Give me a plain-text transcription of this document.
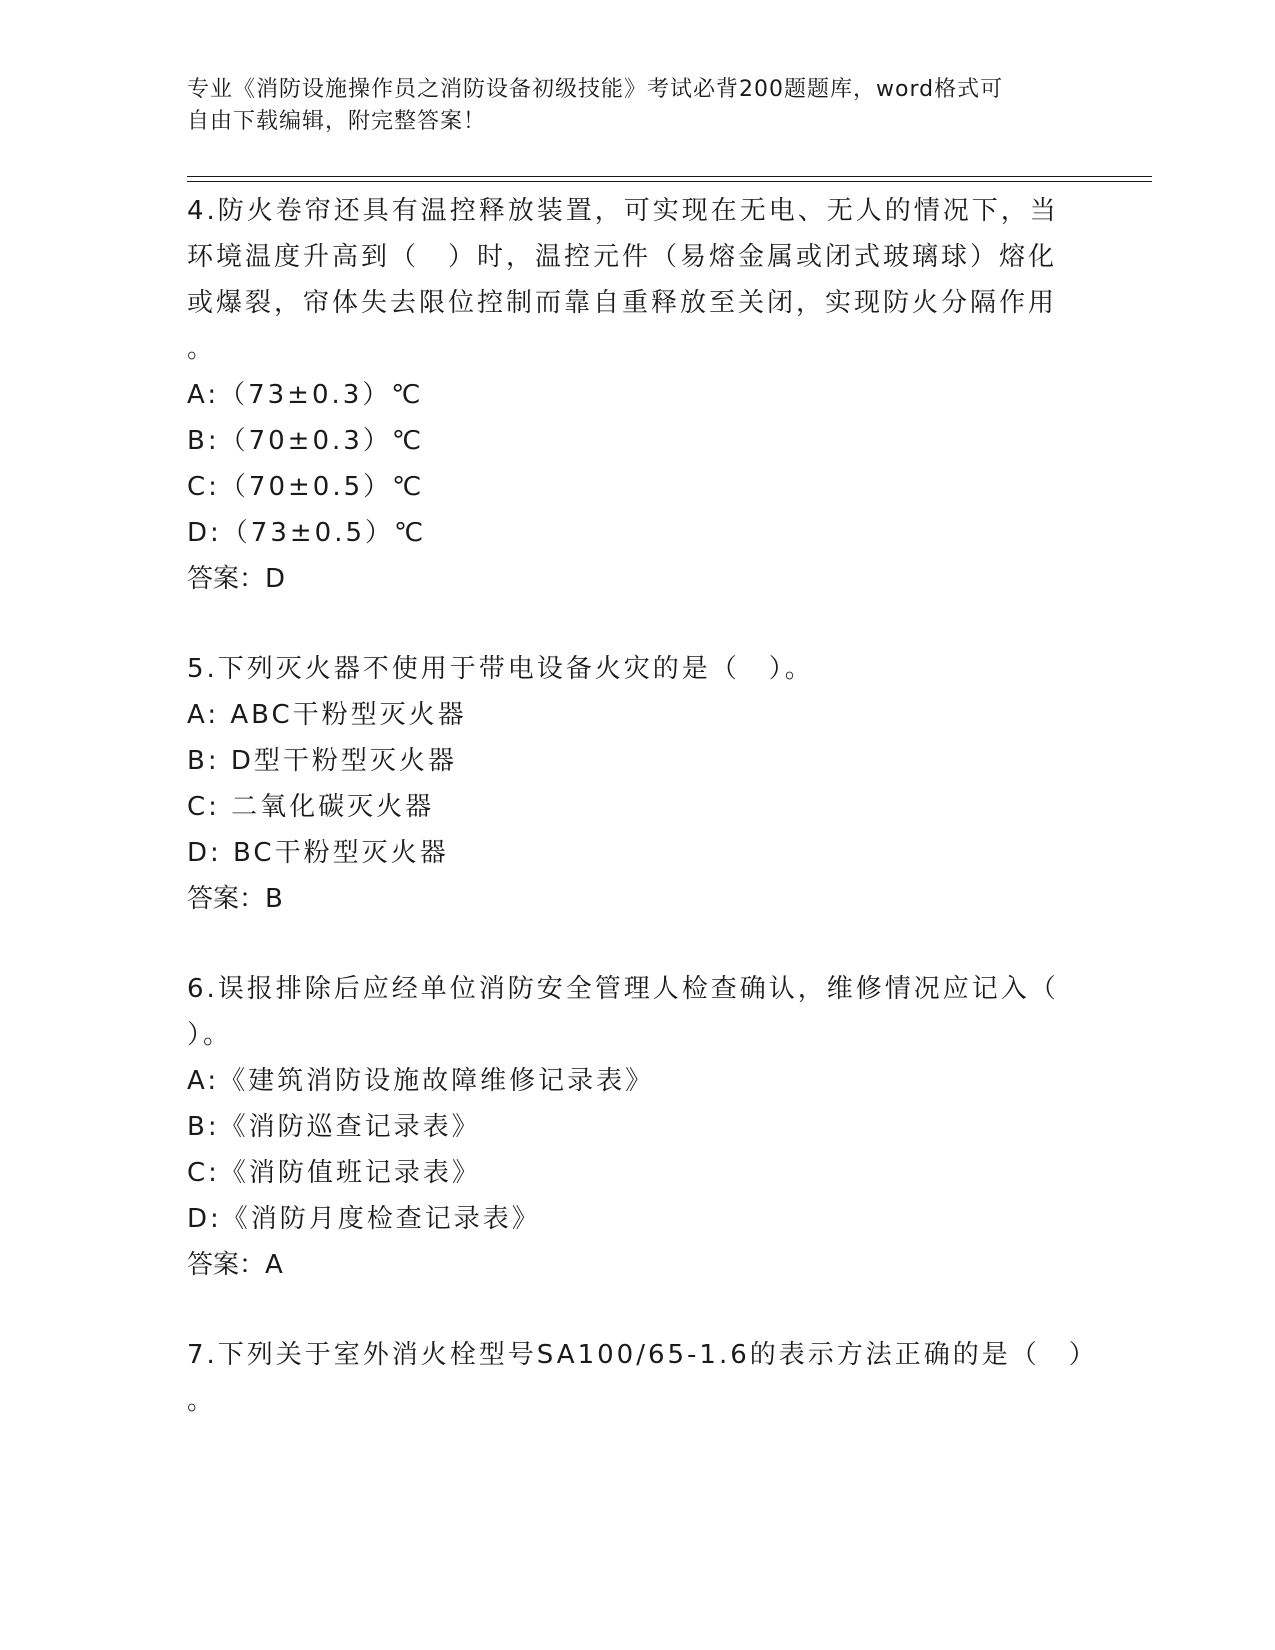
专业《消防设施操作员之消防设备初级技能》考试必背200题题库，word格式可
自由下载编辑，附完整答案！
4.防火卷帘还具有温控释放装置，可实现在无电、无人的情况下，当
环境温度升高到（　）时，温控元件（易熔金属或闭式玻璃球）熔化
或爆裂，帘体失去限位控制而靠自重释放至关闭，实现防火分隔作用
。
A:（73±0.3）℃
B:（70±0.3）℃
C:（70±0.5）℃
D:（73±0.5）℃
答案：D
5.下列灭火器不使用于带电设备火灾的是（　）。
A: ABC干粉型灭火器
B: D型干粉型灭火器
C: 二氧化碳灭火器
D: BC干粉型灭火器
答案：B
6.误报排除后应经单位消防安全管理人检查确认，维修情况应记入（
）。
A:《建筑消防设施故障维修记录表》
B:《消防巡查记录表》
C:《消防值班记录表》
D:《消防月度检查记录表》
答案：A
7.下列关于室外消火栓型号SA100/65-1.6的表示方法正确的是（　）
。
